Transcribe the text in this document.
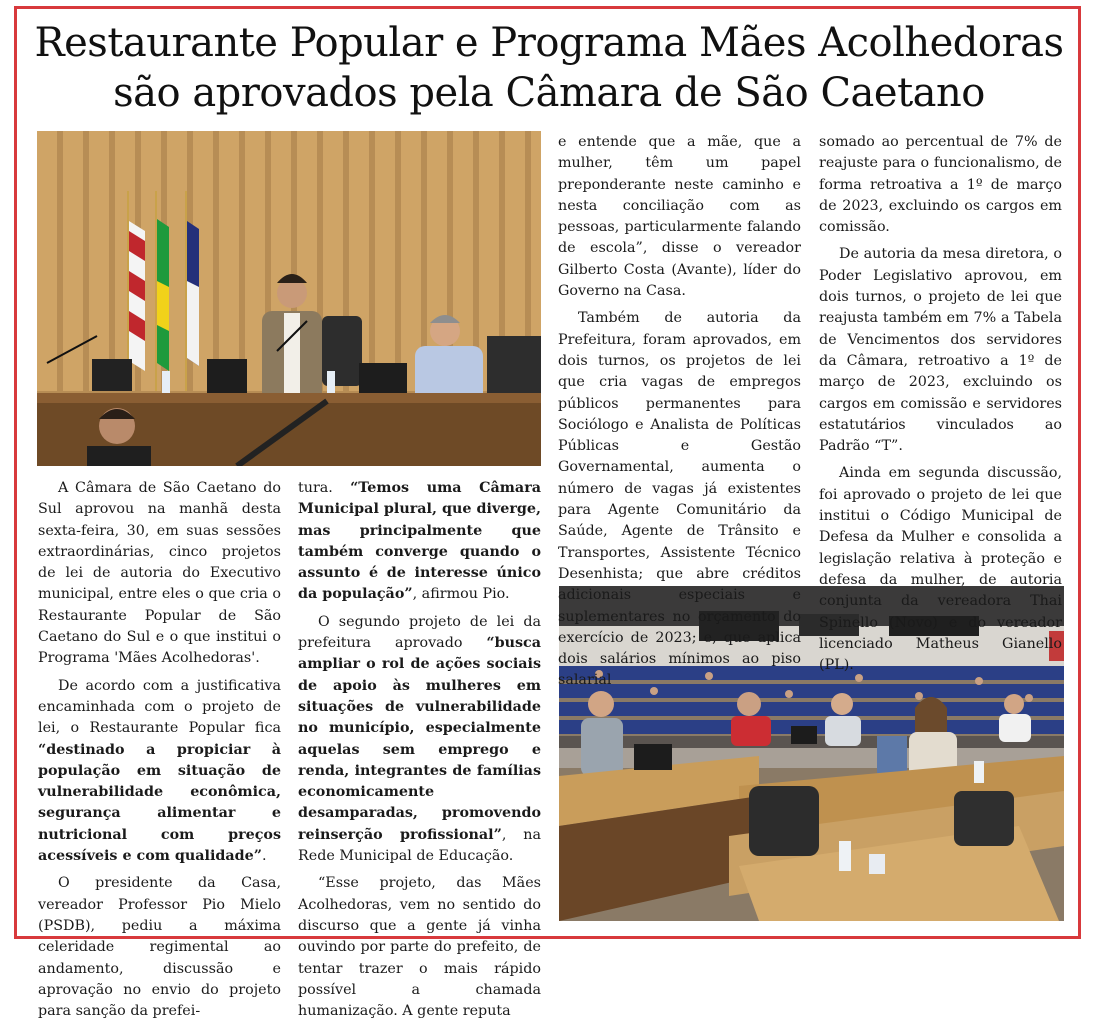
Restaurante Popular e Programa Mães Acolhedoras
são aprovados pela Câmara de São Caetano

A Câmara de São Caetano do Sul aprovou na manhã desta sexta-feira, 30, em suas sessões extraordinárias, cinco projetos de lei de autoria do Executivo municipal, entre eles o que cria o Restaurante Popular de São Caetano do Sul e o que institui o Programa 'Mães Acolhedoras'.

De acordo com a justificativa encaminhada com o projeto de lei, o Restaurante Popular fica “destinado a propiciar à população em situação de vulnerabilidade econômica, segurança alimentar e nutricional com preços acessíveis e com qualidade”.

O presidente da Casa, vereador Professor Pio Mielo (PSDB), pediu a máxima celeridade regimental ao andamento, discussão e aprovação no envio do projeto para sanção da prefei-

tura. “Temos uma Câmara Municipal plural, que diverge, mas principalmente que também converge quando o assunto é de interesse único da população”, afirmou Pio.

O segundo projeto de lei da prefeitura aprovado “busca ampliar o rol de ações sociais de apoio às mulheres em situações de vulnerabilidade no município, especialmente aquelas sem emprego e renda, integrantes de famílias economicamente desamparadas, promovendo reinserção profissional”, na Rede Municipal de Educação.

“Esse projeto, das Mães Acolhedoras, vem no sentido do discurso que a gente já vinha ouvindo por parte do prefeito, de tentar trazer o mais rápido possível a chamada humanização. A gente reputa

e entende que a mãe, que a mulher, têm um papel preponderante neste caminho e nesta conciliação com as pessoas, particularmente falando de escola”, disse o vereador Gilberto Costa (Avante), líder do Governo na Casa.

Também de autoria da Prefeitura, foram aprovados, em dois turnos, os projetos de lei que cria vagas de empregos públicos permanentes para Sociólogo e Analista de Políticas Públicas e Gestão Governamental, aumenta o número de vagas já existentes para Agente Comunitário da Saúde, Agente de Trânsito e Transportes, Assistente Técnico Desenhista; que abre créditos adicionais especiais e suplementares no orçamento do exercício de 2023; e, que aplica dois salários mínimos ao piso salarial

somado ao percentual de 7% de reajuste para o funcionalismo, de forma retroativa a 1º de março de 2023, excluindo os cargos em comissão.

De autoria da mesa diretora, o Poder Legislativo aprovou, em dois turnos, o projeto de lei que reajusta também em 7% a Tabela de Vencimentos dos servidores da Câmara, retroativo a 1º de março de 2023, excluindo os cargos em comissão e servidores estatutários vinculados ao Padrão “T”.

Ainda em segunda discussão, foi aprovado o projeto de lei que institui o Código Municipal de Defesa da Mulher e consolida a legislação relativa à proteção e defesa da mulher, de autoria conjunta da vereadora Thai Spinello (Novo) e do vereador licenciado Matheus Gianello (PL).
